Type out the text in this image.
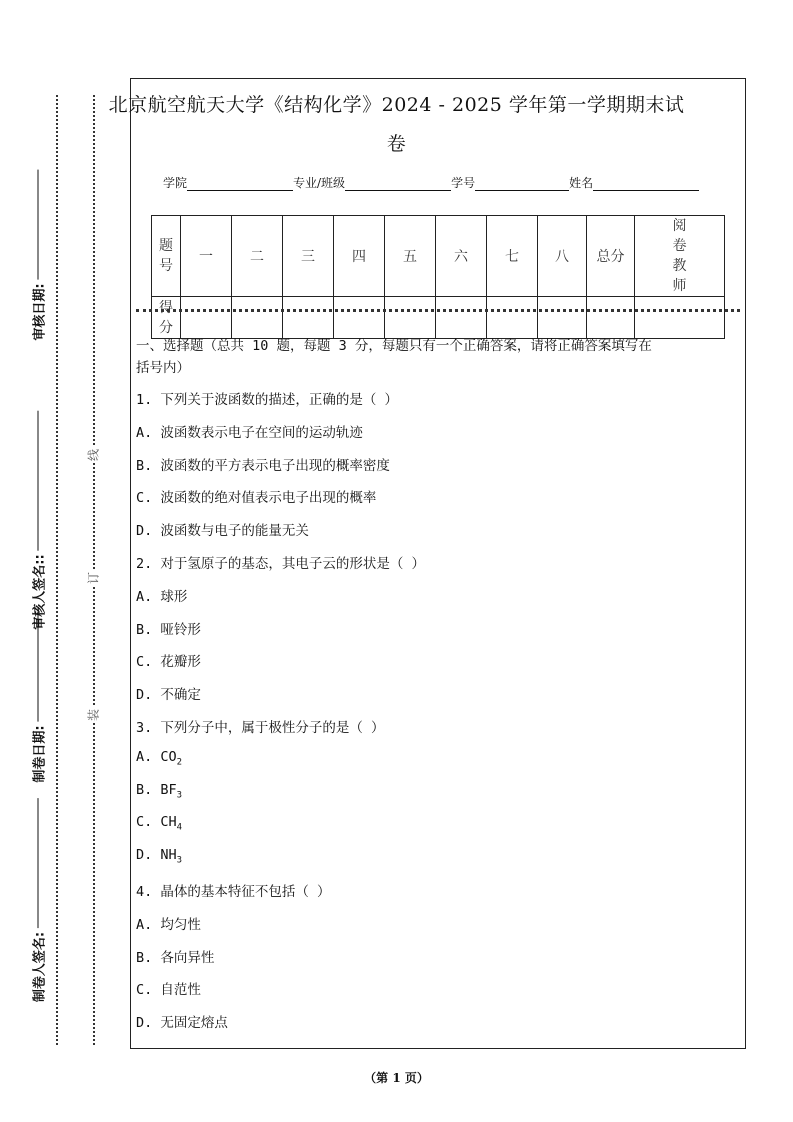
审核日期:
审核人签名::
制卷日期:
制卷人签名:
线
订
装
北京航空航天大学《结构化学》2024 - 2025 学年第一学期期末试
卷
学院	专业/班级	学号	姓名
题号	一	二	三	四	五	六	七	八	总分	阅卷教师
得分										
一、选择题（总共 10 题，每题 3 分，每题只有一个正确答案，请将正确答案填写在
括号内）
1. 下列关于波函数的描述，正确的是（ ）
A. 波函数表示电子在空间的运动轨迹
B. 波函数的平方表示电子出现的概率密度
C. 波函数的绝对值表示电子出现的概率
D. 波函数与电子的能量无关
2. 对于氢原子的基态，其电子云的形状是（ ）
A. 球形
B. 哑铃形
C. 花瓣形
D. 不确定
3. 下列分子中，属于极性分子的是（ ）
A. $CO_2$
B. $BF_3$
C. $CH_4$
D. $NH_3$
4. 晶体的基本特征不包括（ ）
A. 均匀性
B. 各向异性
C. 自范性
D. 无固定熔点
（第 1 页）
